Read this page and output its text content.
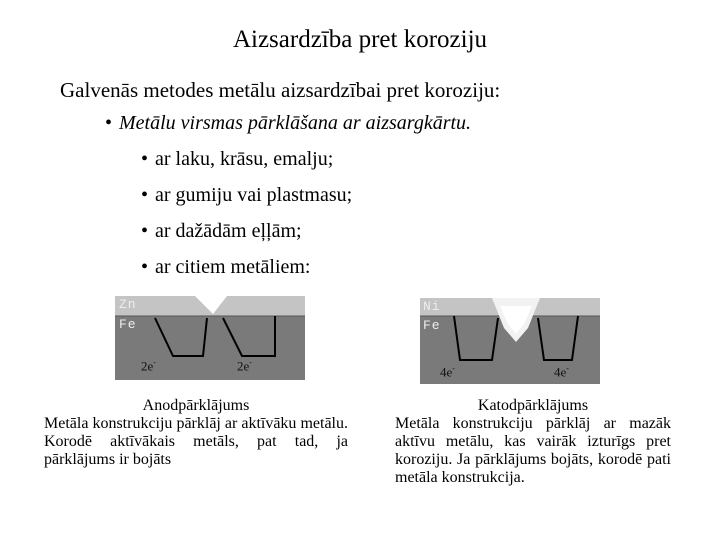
Aizsardzība pret koroziju
Galvenās metodes metālu aizsardzībai pret koroziju:
• Metālu virsmas pārklāšana ar aizsargkārtu.
• ar laku, krāsu, emalju;
• ar gumiju vai plastmasu;
• ar dažādām eļļām;
• ar citiem metāliem:
Zn
Fe
2e-	2e-
Ni
Fe
4e-	4e-
Anodpārklājums
Metāla konstrukciju pārklāj ar aktīvāku metālu. Korodē aktīvākais metāls, pat tad, ja pārklājums ir bojāts
Katodpārklājums
Metāla konstrukciju pārklāj ar mazāk aktīvu metālu, kas vairāk izturīgs pret koroziju. Ja pārklājums bojāts, korodē pati metāla konstrukcija.
